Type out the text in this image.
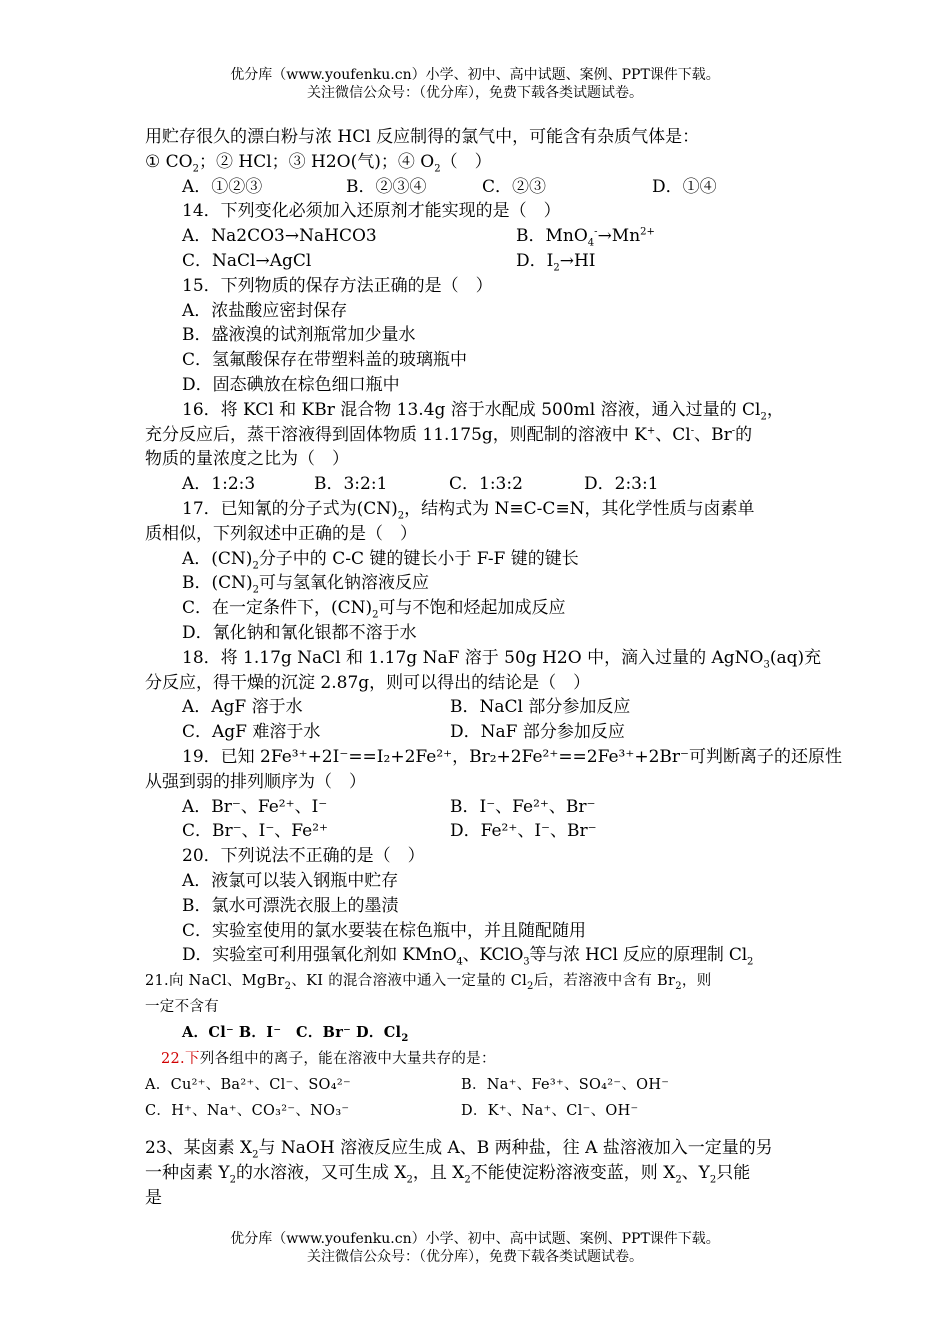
优分库（www.youfenku.cn）小学、初中、高中试题、案例、PPT课件下载。
关注微信公众号：（优分库），免费下载各类试题试卷。
用贮存很久的漂白粉与浓 HCl 反应制得的氯气中，可能含有杂质气体是：
① $CO_2$；② HCl；③ H2O(气)；④ $O_2$（　）
A．①②③	B．②③④	C．②③	D．①④
14．下列变化必须加入还原剂才能实现的是（　）
A．Na2CO3→NaHCO3	B．$MnO_4^-\to Mn^{2+}$
C．NaCl→AgCl	D．$I_2\to HI$
15．下列物质的保存方法正确的是（　）
A．浓盐酸应密封保存
B．盛液溴的试剂瓶常加少量水
C．氢氟酸保存在带塑料盖的玻璃瓶中
D．固态碘放在棕色细口瓶中
16．将 KCl 和 KBr 混合物 13.4g 溶于水配成 500ml 溶液，通入过量的 $Cl_2$，
充分反应后，蒸干溶液得到固体物质 11.175g，则配制的溶液中 K+、Cl-、Br-的
物质的量浓度之比为（　）
A．1:2:3	B．3:2:1	C．1:3:2	D．2:3:1
17．已知氰的分子式为$(CN)_2$，结构式为 N≡C-C≡N，其化学性质与卤素单
质相似，下列叙述中正确的是（　）
A．$(CN)_2$分子中的 C-C 键的键长小于 F-F 键的键长
B．$(CN)_2$可与氢氧化钠溶液反应
C．在一定条件下，$(CN)_2$可与不饱和烃起加成反应
D．氰化钠和氰化银都不溶于水
18．将 1.17g NaCl 和 1.17g NaF 溶于 50g H2O 中，滴入过量的 AgNO$_3$(aq)充
分反应，得干燥的沉淀 2.87g，则可以得出的结论是（　）
A．AgF 溶于水	B．NaCl 部分参加反应
C．AgF 难溶于水	D．NaF 部分参加反应
19．已知 2Fe³⁺+2I⁻==I₂+2Fe²⁺，Br₂+2Fe²⁺==2Fe³⁺+2Br⁻可判断离子的还原性
从强到弱的排列顺序为（　）
A．Br⁻、Fe²⁺、I⁻	B．I⁻、Fe²⁺、Br⁻
C．Br⁻、I⁻、Fe²⁺	D．Fe²⁺、I⁻、Br⁻
20．下列说法不正确的是（　）
A．液氯可以装入钢瓶中贮存
B．氯水可漂洗衣服上的墨渍
C．实验室使用的氯水要装在棕色瓶中，并且随配随用
D．实验室可利用强氧化剂如 KMnO$_4$、KClO$_3$等与浓 HCl 反应的原理制 $Cl_2$
21.向 NaCl、MgBr$_2$、KI 的混合溶液中通入一定量的 $Cl_2$后，若溶液中含有 $Br_2$，则
一定不含有
A．Cl⁻ B．I⁻ C．Br⁻ D．$Cl_2$
22.下列各组中的离子，能在溶液中大量共存的是：
A．Cu²⁺、Ba²⁺、Cl⁻、SO₄²⁻	B．Na⁺、Fe³⁺、SO₄²⁻、OH⁻
C．H⁺、Na⁺、CO₃²⁻、NO₃⁻	D．K⁺、Na⁺、Cl⁻、OH⁻
23、某卤素 $X_2$与 NaOH 溶液反应生成 A、B 两种盐，往 A 盐溶液加入一定量的另
一种卤素 $Y_2$的水溶液，又可生成 $X_2$，且 $X_2$不能使淀粉溶液变蓝，则 $X_2$、$Y_2$只能
是
优分库（www.youfenku.cn）小学、初中、高中试题、案例、PPT课件下载。
关注微信公众号：（优分库），免费下载各类试题试卷。
